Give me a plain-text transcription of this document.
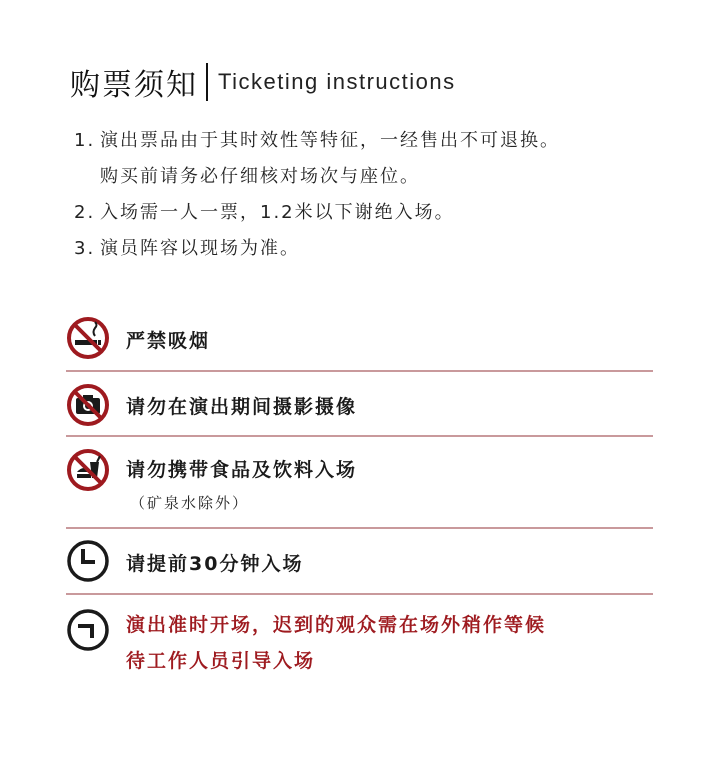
购票须知 Ticketing instructions
1. 演出票品由于其时效性等特征，一经售出不可退换。
购买前请务必仔细核对场次与座位。
2. 入场需一人一票，1.2米以下谢绝入场。
3. 演员阵容以现场为准。
严禁吸烟
请勿在演出期间摄影摄像
请勿携带食品及饮料入场
（矿泉水除外）
请提前30分钟入场
演出准时开场，迟到的观众需在场外稍作等候
待工作人员引导入场
